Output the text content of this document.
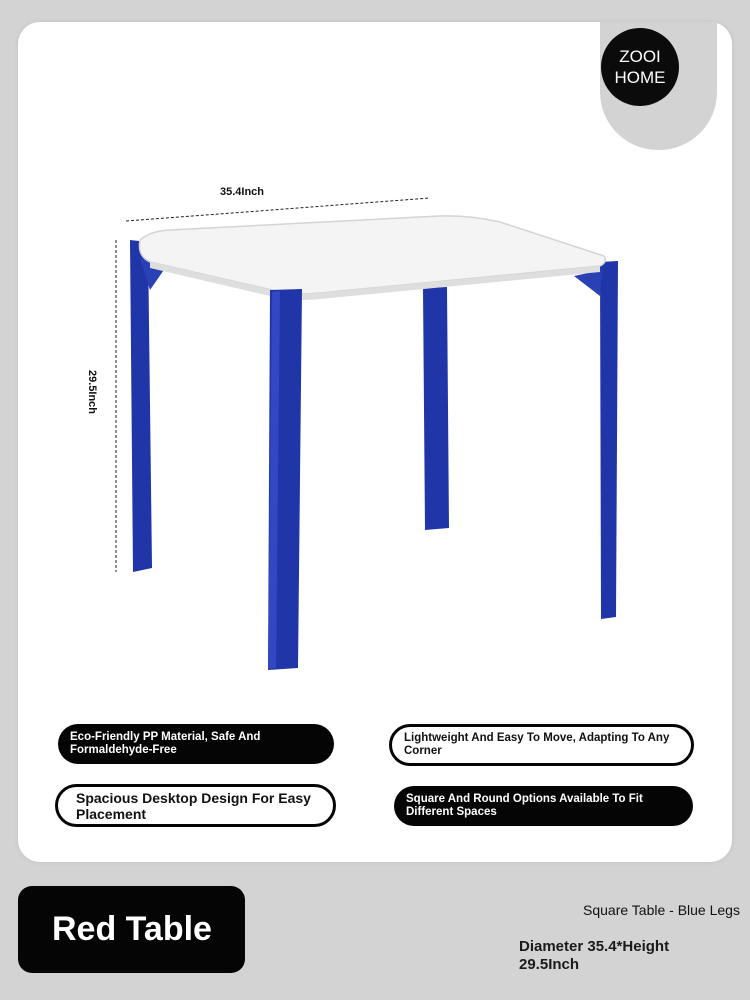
ZOOI
HOME
35.4Inch
29.5Inch
Eco-Friendly PP Material, Safe And Formaldehyde-Free
Lightweight And Easy To Move, Adapting To Any Corner
Spacious Desktop Design For Easy Placement
Square And Round Options Available To Fit Different Spaces
Red Table	Square Table - Blue Legs
Diameter 35.4*Height 29.5Inch
